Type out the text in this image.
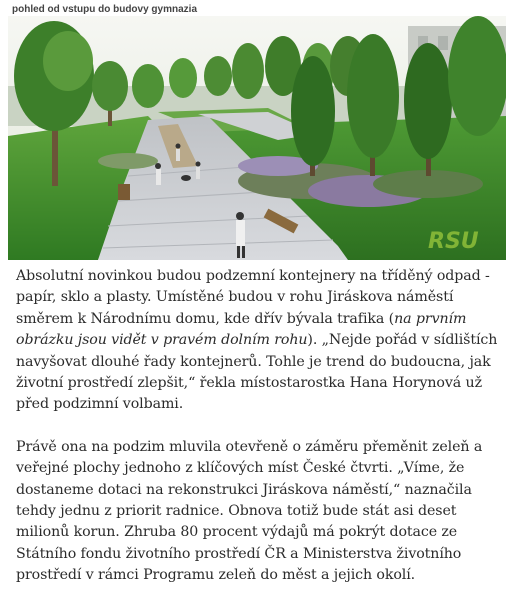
pohled od vstupu do budovy gymnazia
RSU

Absolutní novinkou budou podzemní kontejnery na tříděný odpad -
papír, sklo a plasty. Umístěné budou v rohu Jiráskova náměstí
směrem k Národnímu domu, kde dřív bývala trafika (na prvním
obrázku jsou vidět v pravém dolním rohu). „Nejde pořád v sídlištích
navyšovat dlouhé řady kontejnerů. Tohle je trend do budoucna, jak
životní prostředí zlepšit,“ řekla místostarostka Hana Horynová už
před podzimní volbami.

Právě ona na podzim mluvila otevřeně o záměru přeměnit zeleň a
veřejné plochy jednoho z klíčových míst České čtvrti. „Víme, že
dostaneme dotaci na rekonstrukci Jiráskova náměstí,“ naznačila
tehdy jednu z priorit radnice. Obnova totiž bude stát asi deset
milionů korun. Zhruba 80 procent výdajů má pokrýt dotace ze
Státního fondu životního prostředí ČR a Ministerstva životního
prostředí v rámci Programu zeleň do měst a jejich okolí.
